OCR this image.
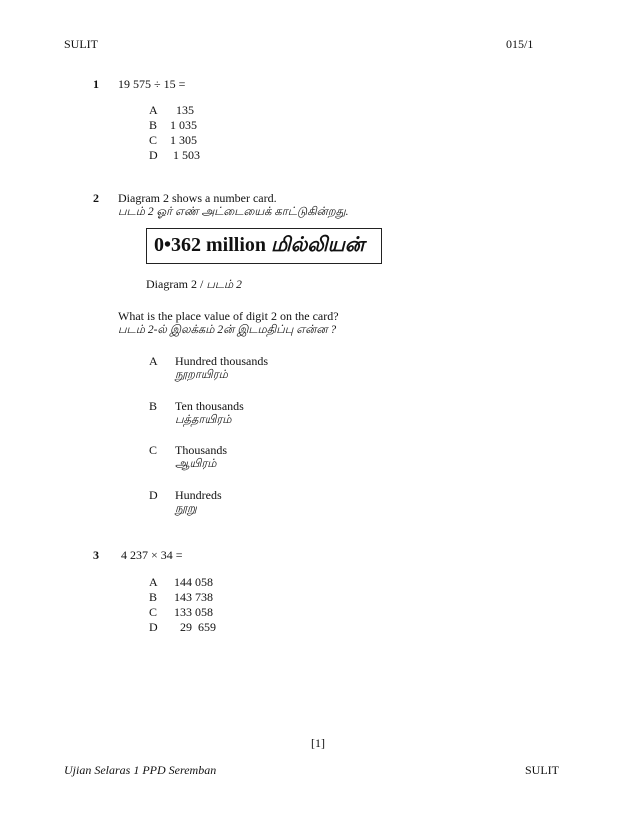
SULIT	015/1
1 19 575 ÷ 15 =
A 135
B 1 035
C 1 305
D 1 503
2 Diagram 2 shows a number card.
படம் 2 ஓர் எண் அட்டையைக் காட்டுகின்றது.
0•362 million மில்லியன்
Diagram 2 / படம் 2
What is the place value of digit 2 on the card?
படம் 2-ல் இலக்கம் 2ன் இடமதிப்பு என்ன ?
A Hundred thousands
நூறாயிரம்
B Ten thousands
பத்தாயிரம்
C Thousands
ஆயிரம்
D Hundreds
நூறு
3 4 237 × 34 =
A 144 058
B 143 738
C 133 058
D 29  659
[1]
Ujian Selaras 1 PPD Seremban	SULIT
